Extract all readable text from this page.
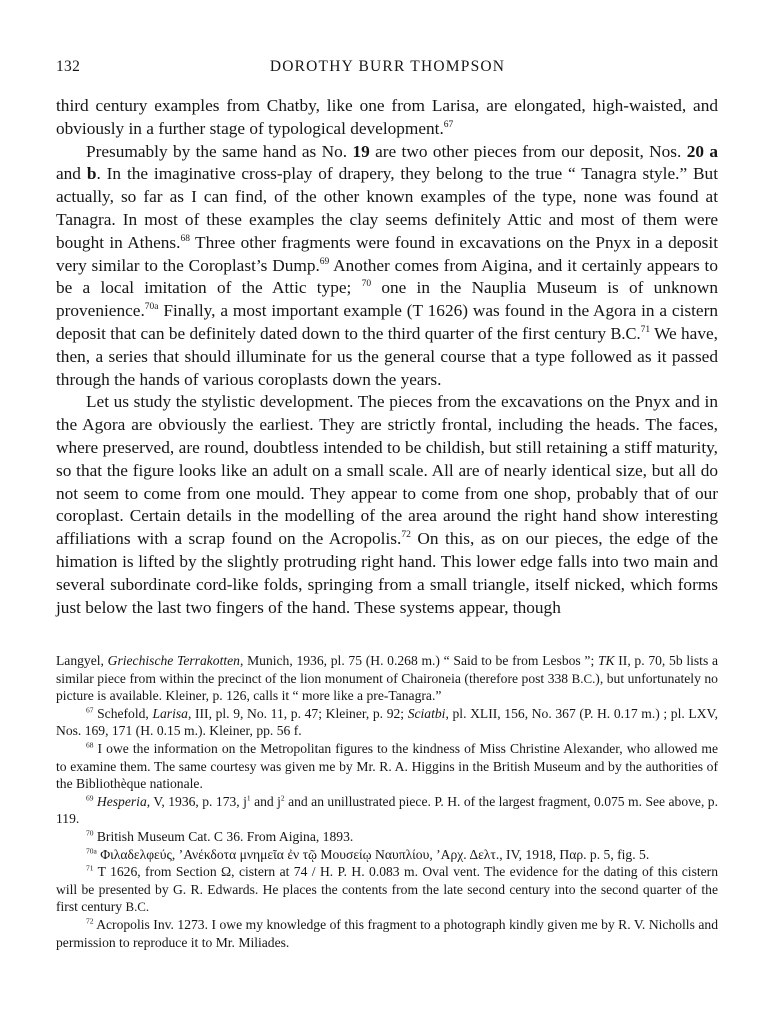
132	DOROTHY BURR THOMPSON

third century examples from Chatby, like one from Larisa, are elongated, high-waisted, and obviously in a further stage of typological development.$^{67}$

Presumably by the same hand as No. 19 are two other pieces from our deposit, Nos. 20 a and b. In the imaginative cross-play of drapery, they belong to the true “ Tanagra style.” But actually, so far as I can find, of the other known examples of the type, none was found at Tanagra. In most of these examples the clay seems definitely Attic and most of them were bought in Athens.$^{68}$ Three other fragments were found in excavations on the Pnyx in a deposit very similar to the Coroplast’s Dump.$^{69}$ Another comes from Aigina, and it certainly appears to be a local imitation of the Attic type; $^{70}$ one in the Nauplia Museum is of unknown provenience.$^{70a}$ Finally, a most important example (T 1626) was found in the Agora in a cistern deposit that can be definitely dated down to the third quarter of the first century B.C.$^{71}$ We have, then, a series that should illuminate for us the general course that a type followed as it passed through the hands of various coroplasts down the years.

Let us study the stylistic development. The pieces from the excavations on the Pnyx and in the Agora are obviously the earliest. They are strictly frontal, including the heads. The faces, where preserved, are round, doubtless intended to be childish, but still retaining a stiff maturity, so that the figure looks like an adult on a small scale. All are of nearly identical size, but all do not seem to come from one mould. They appear to come from one shop, probably that of our coroplast. Certain details in the modelling of the area around the right hand show interesting affiliations with a scrap found on the Acropolis.$^{72}$ On this, as on our pieces, the edge of the himation is lifted by the slightly protruding right hand. This lower edge falls into two main and several subordinate cord-like folds, springing from a small triangle, itself nicked, which forms just below the last two fingers of the hand. These systems appear, though

Langyel, Griechische Terrakotten, Munich, 1936, pl. 75 (H. 0.268 m.) “ Said to be from Lesbos ”; TK II, p. 70, 5b lists a similar piece from within the precinct of the lion monument of Chaironeia (therefore post 338 B.C.), but unfortunately no picture is available. Kleiner, p. 126, calls it “ more like a pre-Tanagra.”

$^{67}$ Schefold, Larisa, III, pl. 9, No. 11, p. 47; Kleiner, p. 92; Sciatbi, pl. XLII, 156, No. 367 (P. H. 0.17 m.) ; pl. LXV, Nos. 169, 171 (H. 0.15 m.). Kleiner, pp. 56 f.

$^{68}$ I owe the information on the Metropolitan figures to the kindness of Miss Christine Alexander, who allowed me to examine them. The same courtesy was given me by Mr. R. A. Higgins in the British Museum and by the authorities of the Bibliothèque nationale.

$^{69}$ Hesperia, V, 1936, p. 173, $j^1$ and $j^2$ and an unillustrated piece. P. H. of the largest fragment, 0.075 m. See above, p. 119.

$^{70}$ British Museum Cat. C 36. From Aigina, 1893.

$^{70a}$ Φιλαδελφεύς, ’Ανέκδοτα μνημεῖα ἐν τῷ Μουσείῳ Ναυπλίου, ’Αρχ. Δελτ., IV, 1918, Παρ. p. 5, fig. 5.

$^{71}$ T 1626, from Section Ω, cistern at 74 / H. P. H. 0.083 m. Oval vent. The evidence for the dating of this cistern will be presented by G. R. Edwards. He places the contents from the late second century into the second quarter of the first century B.C.

$^{72}$ Acropolis Inv. 1273. I owe my knowledge of this fragment to a photograph kindly given me by R. V. Nicholls and permission to reproduce it to Mr. Miliades.
